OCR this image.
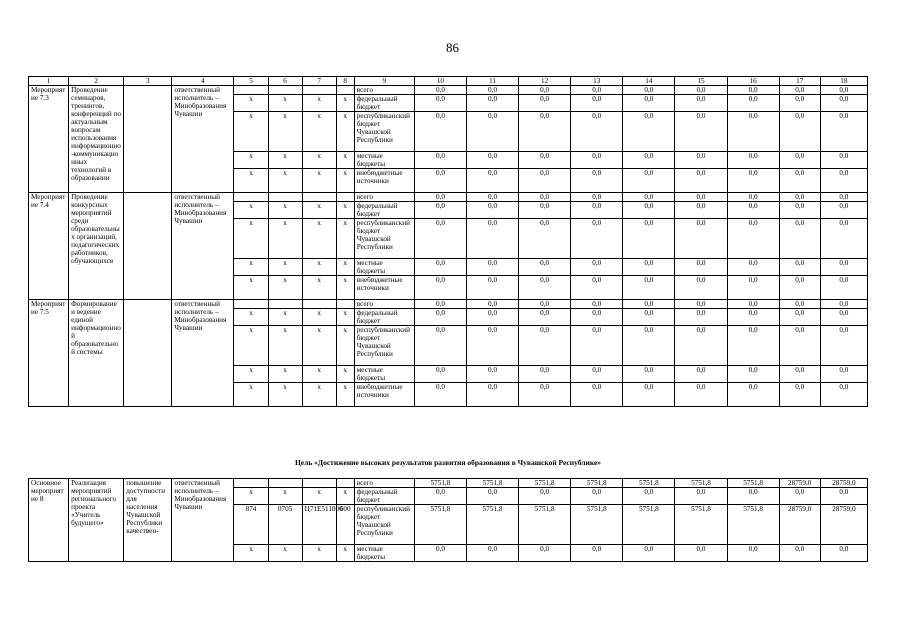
86
1	2	3	4	5	6	7	8	9	10	11	12	13	14	15	16	17	18
Мероприятие 7.3	Проведение семинаров, тренингов, конференций по актуальным вопросам использования информационно-коммуникационных технологий в образовании		ответственный исполнитель – Минобразования Чувашии					всего	0,0	0,0	0,0	0,0	0,0	0,0	0,0	0,0	0,0
				x	x	x	x	федеральный бюджет	0,0	0,0	0,0	0,0	0,0	0,0	0,0	0,0	0,0
				x	x	x	x	республиканский бюджет Чувашской Республики	0,0	0,0	0,0	0,0	0,0	0,0	0,0	0,0	0,0
				x	x	x	x	местные бюджеты	0,0	0,0	0,0	0,0	0,0	0,0	0,0	0,0	0,0
				x	x	x	x	внебюджетные источники	0,0	0,0	0,0	0,0	0,0	0,0	0,0	0,0	0,0
Мероприятие 7.4	Проведение конкурсных мероприятий среди образовательных организаций, педагогических работников, обучающихся		ответственный исполнитель – Минобразования Чувашии					всего	0,0	0,0	0,0	0,0	0,0	0,0	0,0	0,0	0,0
				x	x	x	x	федеральный бюджет	0,0	0,0	0,0	0,0	0,0	0,0	0,0	0,0	0,0
				x	x	x	x	республиканский бюджет Чувашской Республики	0,0	0,0	0,0	0,0	0,0	0,0	0,0	0,0	0,0
				x	x	x	x	местные бюджеты	0,0	0,0	0,0	0,0	0,0	0,0	0,0	0,0	0,0
				x	x	x	x	внебюджетные источники	0,0	0,0	0,0	0,0	0,0	0,0	0,0	0,0	0,0
Мероприятие 7.5	Формирование и ведение единой информационной образовательной системы		ответственный исполнитель – Минобразования Чувашии					всего	0,0	0,0	0,0	0,0	0,0	0,0	0,0	0,0	0,0
				x	x	x	x	федеральный бюджет	0,0	0,0	0,0	0,0	0,0	0,0	0,0	0,0	0,0
				x	x	x	x	республиканский бюджет Чувашской Республики	0,0	0,0	0,0	0,0	0,0	0,0	0,0	0,0	0,0
				x	x	x	x	местные бюджеты	0,0	0,0	0,0	0,0	0,0	0,0	0,0	0,0	0,0
				x	x	x	x	внебюджетные источники	0,0	0,0	0,0	0,0	0,0	0,0	0,0	0,0	0,0
Цель «Достижение высоких результатов развития образования в Чувашской Республике»
Основное мероприятие 8	Реализация мероприятий регионального проекта «Учитель будущего»	повышение доступности для населения Чувашской Республики качествен-	ответственный исполнитель – Минобразования Чувашии					всего	5751,8	5751,8	5751,8	5751,8	5751,8	5751,8	5751,8	28759,0	28759,0
				x	x	x	x	федеральный бюджет	0,0	0,0	0,0	0,0	0,0	0,0	0,0	0,0	0,0
				874	0705	Ц71Е511800	600	республиканский бюджет Чувашской Республики	5751,8	5751,8	5751,8	5751,8	5751,8	5751,8	5751,8	28759,0	28759,0
				x	x	x	x	местные бюджеты	0,0	0,0	0,0	0,0	0,0	0,0	0,0	0,0	0,0
